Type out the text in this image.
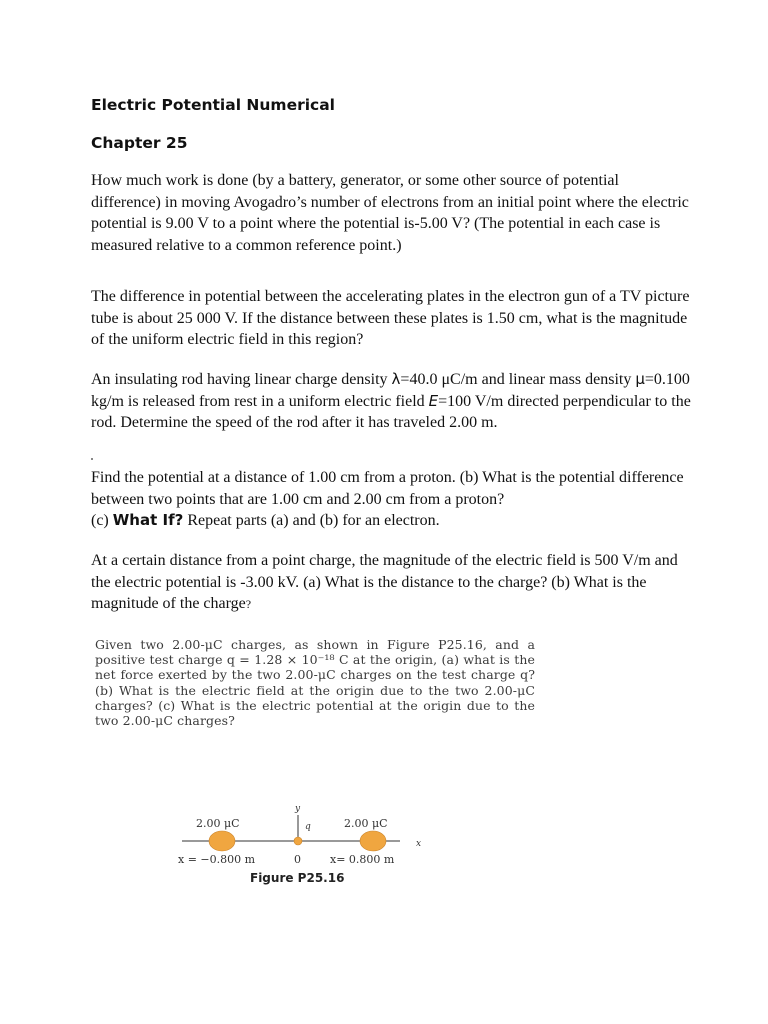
Electric Potential Numerical
Chapter 25

How much work is done (by a battery, generator, or some other source of potential difference) in moving Avogadro’s number of electrons from an initial point where the electric potential is 9.00 V to a point where the potential is-5.00 V? (The potential in each case is measured relative to a common reference point.)

The difference in potential between the accelerating plates in the electron gun of a TV picture tube is about 25 000 V. If the distance between these plates is 1.50 cm, what is the magnitude of the uniform electric field in this region?

An insulating rod having linear charge density λ=40.0 μC/m and linear mass density μ=0.100 kg/m is released from rest in a uniform electric field E=100 V/m directed perpendicular to the rod. Determine the speed of the rod after it has traveled 2.00 m.

Find the potential at a distance of 1.00 cm from a proton. (b) What is the potential difference between two points that are 1.00 cm and 2.00 cm from a proton?
(c) What If? Repeat parts (a) and (b) for an electron.

At a certain distance from a point charge, the magnitude of the electric field is 500 V/m and the electric potential is -3.00 kV. (a) What is the distance to the charge? (b) What is the magnitude of the charge?

Given two 2.00-μC charges, as shown in Figure P25.16, and a positive test charge q = 1.28 × 10⁻¹⁸ C at the origin, (a) what is the net force exerted by the two 2.00-μC charges on the test charge q? (b) What is the electric field at the origin due to the two 2.00-μC charges? (c) What is the electric potential at the origin due to the two 2.00-μC charges?
y
x
2.00 μC	2.00 μC
q
x = −0.800 m	0	x= 0.800 m
Figure P25.16
